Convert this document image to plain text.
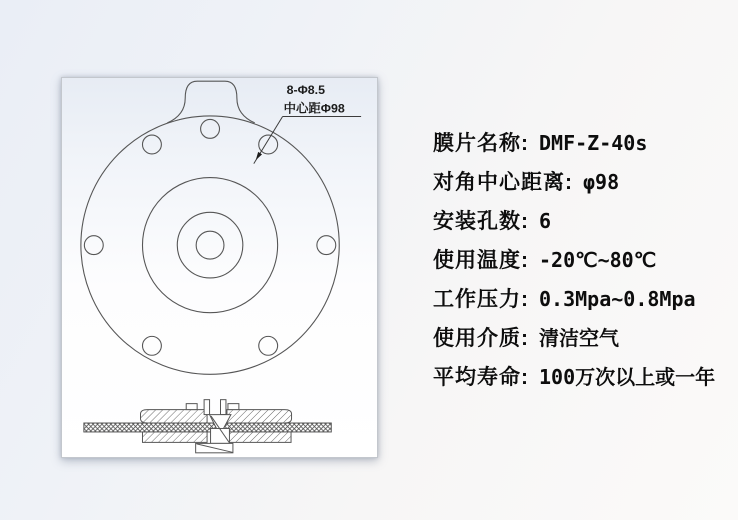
8-Φ8.5
中心距Φ98
膜片名称: DMF-Z-40s
对角中心距离: φ98
安装孔数: 6
使用温度: -20℃~80℃
工作压力: 0.3Mpa~0.8Mpa
使用介质: 清洁空气
平均寿命: 100万次以上或一年
